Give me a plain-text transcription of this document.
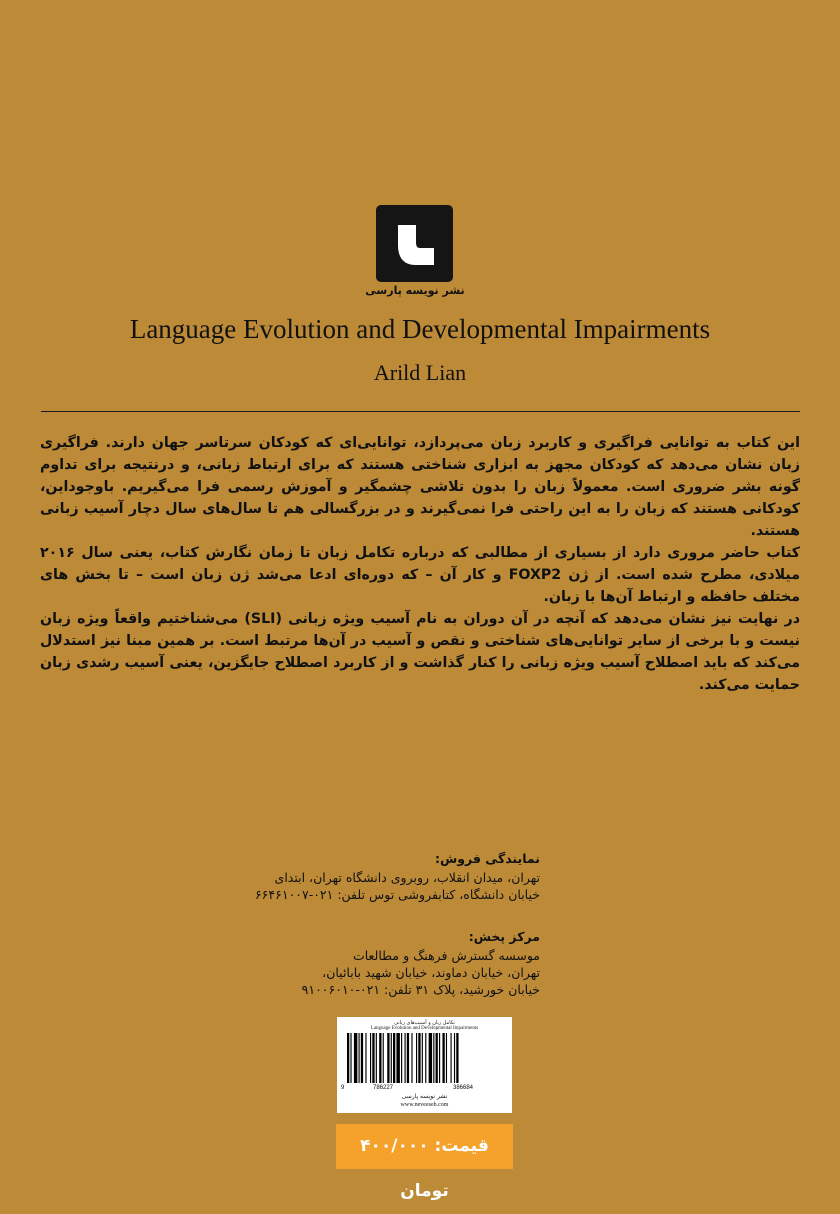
نشر نویسه پارسی
Language Evolution and Developmental Impairments
Arild Lian

این کتاب به توانایی فراگیری و کاربرد زبان می‌پردازد، توانایی‌ای که کودکان سرتاسر جهان دارند. فراگیری زبان نشان می‌دهد که کودکان مجهز به ابزاری شناختی هستند که برای ارتباط زبانی، و درنتیجه برای تداوم گونه بشر ضروری است. معمولاً زبان را بدون تلاشی چشمگیر و آموزش رسمی فرا می‌گیریم. باوجوداین، کودکانی هستند که زبان را به این راحتی فرا نمی‌گیرند و در بزرگسالی هم تا سال‌های سال دچار آسیب زبانی هستند.

کتاب حاضر مروری دارد از بسیاری از مطالبی که درباره تکامل زبان تا زمان نگارش کتاب، یعنی سال ۲۰۱۶ میلادی، مطرح شده است. از ژن FOXP2 و کار آن – که دوره‌ای ادعا می‌شد ژن زبان است – تا بخش های مختلف حافظه و ارتباط آن‌ها با زبان.

در نهایت نیز نشان می‌دهد که آنچه در آن دوران به نام آسیب ویژه زبانی (SLI) می‌شناختیم واقعاً ویژه زبان نیست و با برخی از سایر توانایی‌های شناختی و نقص و آسیب در آن‌ها مرتبط است. بر همین مبنا نیز استدلال می‌کند که باید اصطلاح آسیب ویژه زبانی را کنار گذاشت و از کاربرد اصطلاح جایگزین، یعنی آسیب رشدی زبان حمایت می‌کند.

نمایندگی فروش:
تهران، میدان انقلاب، روبروی دانشگاه تهران، ابتدای
خیابان دانشگاه، کتابفروشی توس تلفن: ۰۲۱-۶۶۴۶۱۰۰۷
مرکز پخش:
موسسه گسترش فرهنگ و مطالعات
تهران، خیابان دماوند، خیابان شهید بابائیان،
خیابان خورشید، پلاک ۳۱ تلفن: ۰۲۱-۹۱۰۰۶۰۱۰
تکامل زبان و آسیب‌های زبانی
Language Evolution and Developmental Impairments
9	786227	386684
نشر نویسه پارسی
www.neveeseh.com
قیمت: ۴۰۰/۰۰۰ تومان
